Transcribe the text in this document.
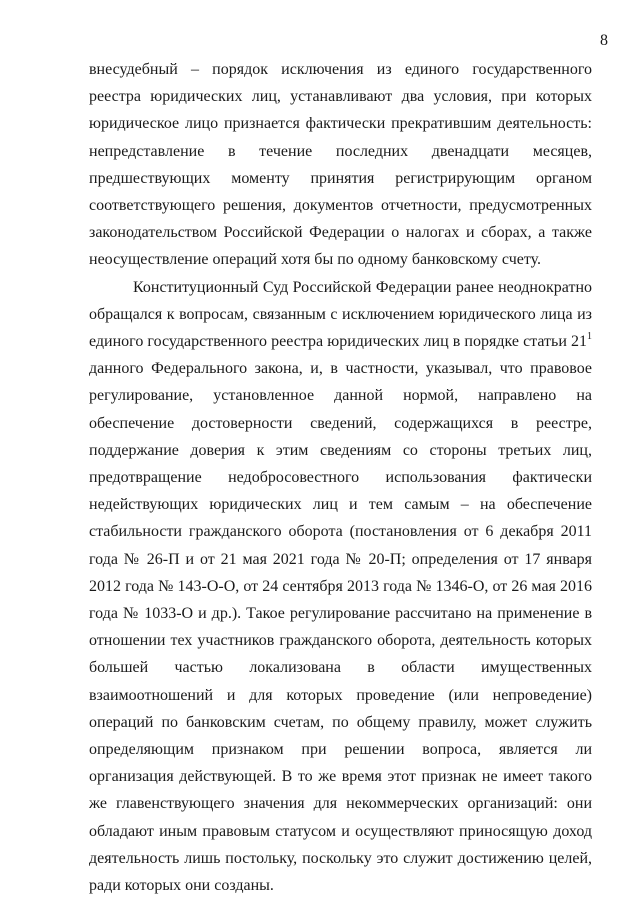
8

внесудебный – порядок исключения из единого государственного реестра юридических лиц, устанавливают два условия, при которых юридическое лицо признается фактически прекратившим деятельность: непредставление в течение последних двенадцати месяцев, предшествующих моменту принятия регистрирующим органом соответствующего решения, документов отчетности, предусмотренных законодательством Российской Федерации о налогах и сборах, а также неосуществление операций хотя бы по одному банковскому счету.

Конституционный Суд Российской Федерации ранее неоднократно обращался к вопросам, связанным с исключением юридического лица из единого государственного реестра юридических лиц в порядке статьи $21^1$ данного Федерального закона, и, в частности, указывал, что правовое регулирование, установленное данной нормой, направлено на обеспечение достоверности сведений, содержащихся в реестре, поддержание доверия к этим сведениям со стороны третьих лиц, предотвращение недобросовестного использования фактически недействующих юридических лиц и тем самым – на обеспечение стабильности гражданского оборота (постановления от 6 декабря 2011 года № 26-П и от 21 мая 2021 года № 20-П; определения от 17 января 2012 года № 143-О-О, от 24 сентября 2013 года № 1346-О, от 26 мая 2016 года № 1033-О и др.). Такое регулирование рассчитано на применение в отношении тех участников гражданского оборота, деятельность которых большей частью локализована в области имущественных взаимоотношений и для которых проведение (или непроведение) операций по банковским счетам, по общему правилу, может служить определяющим признаком при решении вопроса, является ли организация действующей. В то же время этот признак не имеет такого же главенствующего значения для некоммерческих организаций: они обладают иным правовым статусом и осуществляют приносящую доход деятельность лишь постольку, поскольку это служит достижению целей, ради которых они созданы.
